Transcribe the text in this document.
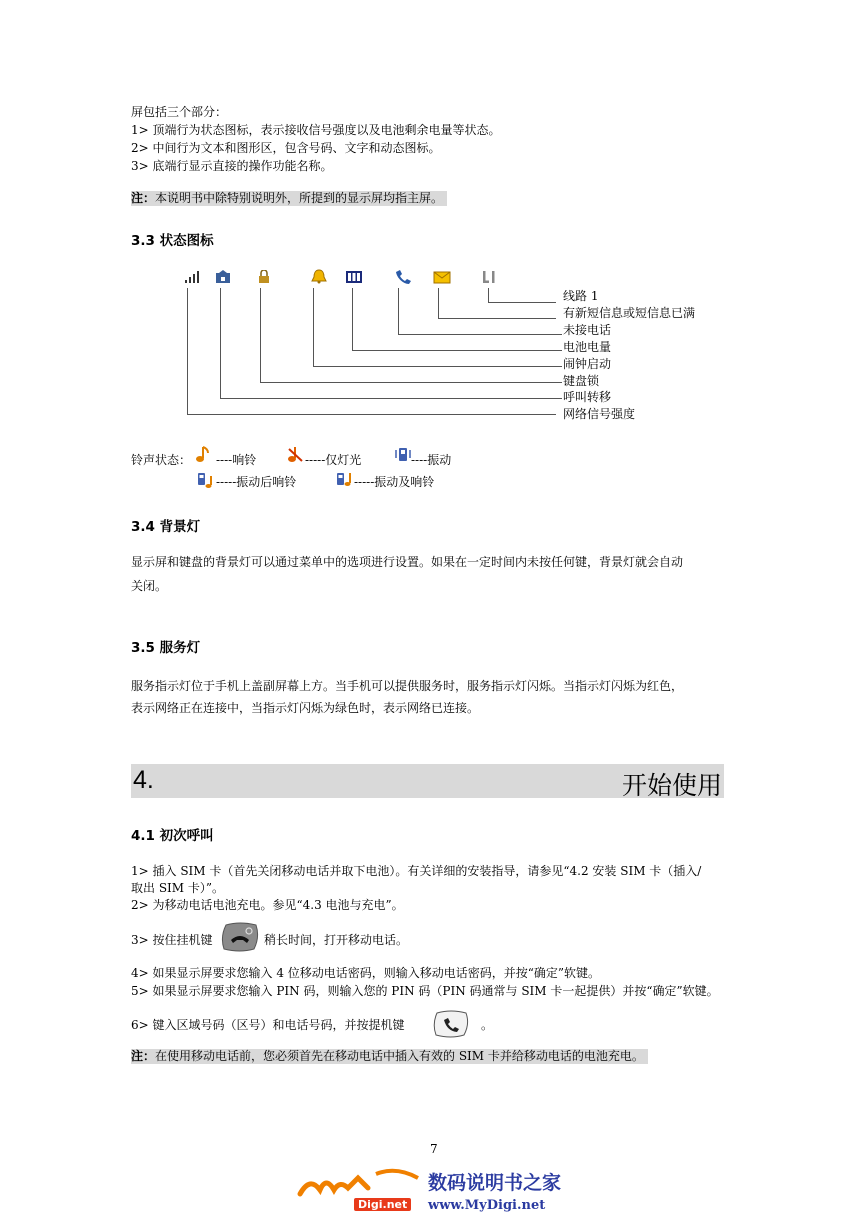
屏包括三个部分：
1> 顶端行为状态图标，表示接收信号强度以及电池剩余电量等状态。
2> 中间行为文本和图形区，包含号码、文字和动态图标。
3> 底端行显示直接的操作功能名称。
注：本说明书中除特别说明外，所提到的显示屏均指主屏。
3.3 状态图标
线路 1
有新短信息或短信息已满
未接电话
电池电量
闹钟启动
键盘锁
呼叫转移
网络信号强度
铃声状态： ----响铃	-----仅灯光	----振动
-----振动后响铃	-----振动及响铃
3.4 背景灯
显示屏和键盘的背景灯可以通过菜单中的选项进行设置。如果在一定时间内未按任何键，背景灯就会自动
关闭。
3.5 服务灯
服务指示灯位于手机上盖副屏幕上方。当手机可以提供服务时，服务指示灯闪烁。当指示灯闪烁为红色，
表示网络正在连接中，当指示灯闪烁为绿色时，表示网络已连接。
4.	开始使用
4.1 初次呼叫
1> 插入 SIM 卡（首先关闭移动电话并取下电池）。有关详细的安装指导，请参见“4.2 安装 SIM 卡（插入/
取出 SIM 卡）”。
2> 为移动电话电池充电。参见“4.3 电池与充电”。
3> 按住挂机键	稍长时间，打开移动电话。
4> 如果显示屏要求您输入 4 位移动电话密码，则输入移动电话密码，并按“确定”软键。
5> 如果显示屏要求您输入 PIN 码，则输入您的 PIN 码（PIN 码通常与 SIM 卡一起提供）并按“确定”软键。
6> 键入区域号码（区号）和电话号码，并按提机键	。
注：在使用移动电话前，您必须首先在移动电话中插入有效的 SIM 卡并给移动电话的电池充电。
7
Digi.net
数码说明书之家
www.MyDigi.net
